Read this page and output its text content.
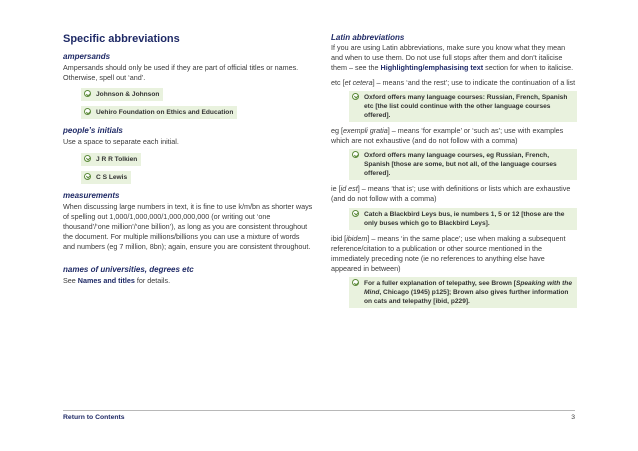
Specific abbreviations
ampersands

Ampersands should only be used if they are part of official titles or names. Otherwise, spell out ‘and’.

Johnson & Johnson

Uehiro Foundation on Ethics and Education
people’s initials

Use a space to separate each initial.

J R R Tolkien

C S Lewis
measurements

When discussing large numbers in text, it is fine to use k/m/bn as shorter ways of spelling out 1,000/1,000,000/1,000,000,000 (or writing out ‘one thousand’/‘one million’/‘one billion’), as long as you are consistent throughout the document. For multiple millions/billions you can use a mixture of words and numbers (eg 7 million, 8bn); again, ensure you are consistent throughout.

names of universities, degrees etc

See Names and titles for details.

Latin abbreviations

If you are using Latin abbreviations, make sure you know what they mean and when to use them. Do not use full stops after them and don’t italicise them – see the Highlighting/emphasising text section for when to italicise.

etc [et cetera] – means ‘and the rest’; use to indicate the continuation of a list

Oxford offers many language courses: Russian, French, Spanish etc [the list could continue with the other language courses offered].

eg [exempli gratia] – means ‘for example’ or ‘such as’; use with examples which are not exhaustive (and do not follow with a comma)

Oxford offers many language courses, eg Russian, French, Spanish [those are some, but not all, of the language courses offered].

ie [id est] – means ‘that is’; use with definitions or lists which are exhaustive (and do not follow with a comma)

Catch a Blackbird Leys bus, ie numbers 1, 5 or 12 [those are the only buses which go to Blackbird Leys].

ibid [ibidem] – means ‘in the same place’; use when making a subsequent reference/citation to a publication or other source mentioned in the immediately preceding note (ie no references to anything else have appeared in between)

For a fuller explanation of telepathy, see Brown [Speaking with the Mind, Chicago (1945) p125]; Brown also gives further information on cats and telepathy [ibid, p229].
Return to Contents	3
